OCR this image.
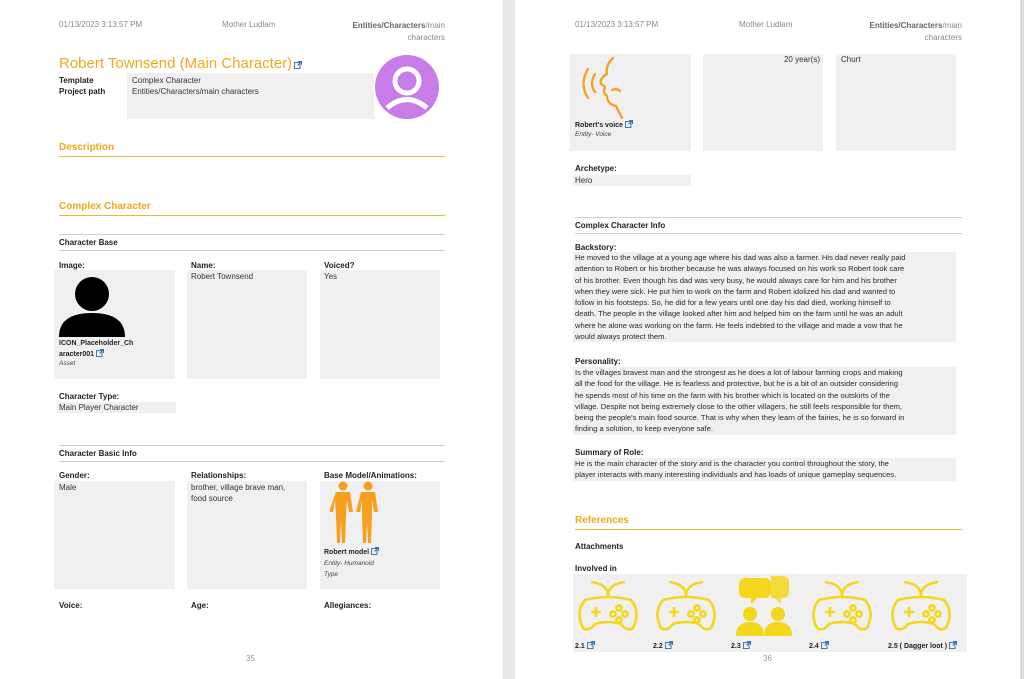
01/13/2023 3:13:57 PM	Mother Ludlam	Entities/Characters/main
characters
Robert Townsend (Main Character)
Template	Complex Character
Project path	Entities/Characters/main characters
Description
Complex Character
Character Base
Image:
ICON_Placeholder_Ch
aracter001
Asset
Name:
Robert Townsend
Voiced?
Yes
Character Type:
Main Player Character
Character Basic Info
Gender:
Male
Relationships:
brother, village brave man,
food source
Base Model/Animations:
Robert model
Entity- Humanoid
Type
Voice:	Age:	Allegiances:
35
01/13/2023 3:13:57 PM	Mother Ludlam	Entities/Characters/main
characters
Robert's voice
Entity- Voice
20 year(s)	Churt
Archetype:
Hero
Complex Character Info
Backstory:
He moved to the village at a young age where his dad was also a farmer. His dad never really paid
attention to Robert or his brother because he was always focused on his work so Robert took care
of his brother. Even though his dad was very busy, he would always care for him and his brother
when they were sick. He put him to work on the farm and Robert idolized his dad and wanted to
follow in his footsteps. So, he did for a few years until one day his dad died, working himself to
death. The people in the village looked after him and helped him on the farm until he was an adult
where he alone was working on the farm. He feels indebted to the village and made a vow that he
would always protect them.
Personality:
Is the villages bravest man and the strongest as he does a lot of labour farming crops and making
all the food for the village. He is fearless and protective, but he is a bit of an outsider considering
he spends most of his time on the farm with his brother which is located on the outskirts of the
village. Despite not being extremely close to the other villagers, he still feels responsible for them,
being the people's main food source. That is why when they learn of the fairies, he is so forward in
finding a solution, to keep everyone safe.
Summary of Role:
He is the main character of the story and is the character you control throughout the story, the
player interacts with many interesting individuals and has loads of unique gameplay sequences.
References
Attachments
Involved in
2.1	2.2	2.3	2.4	2.5 ( Dagger loot )
36
